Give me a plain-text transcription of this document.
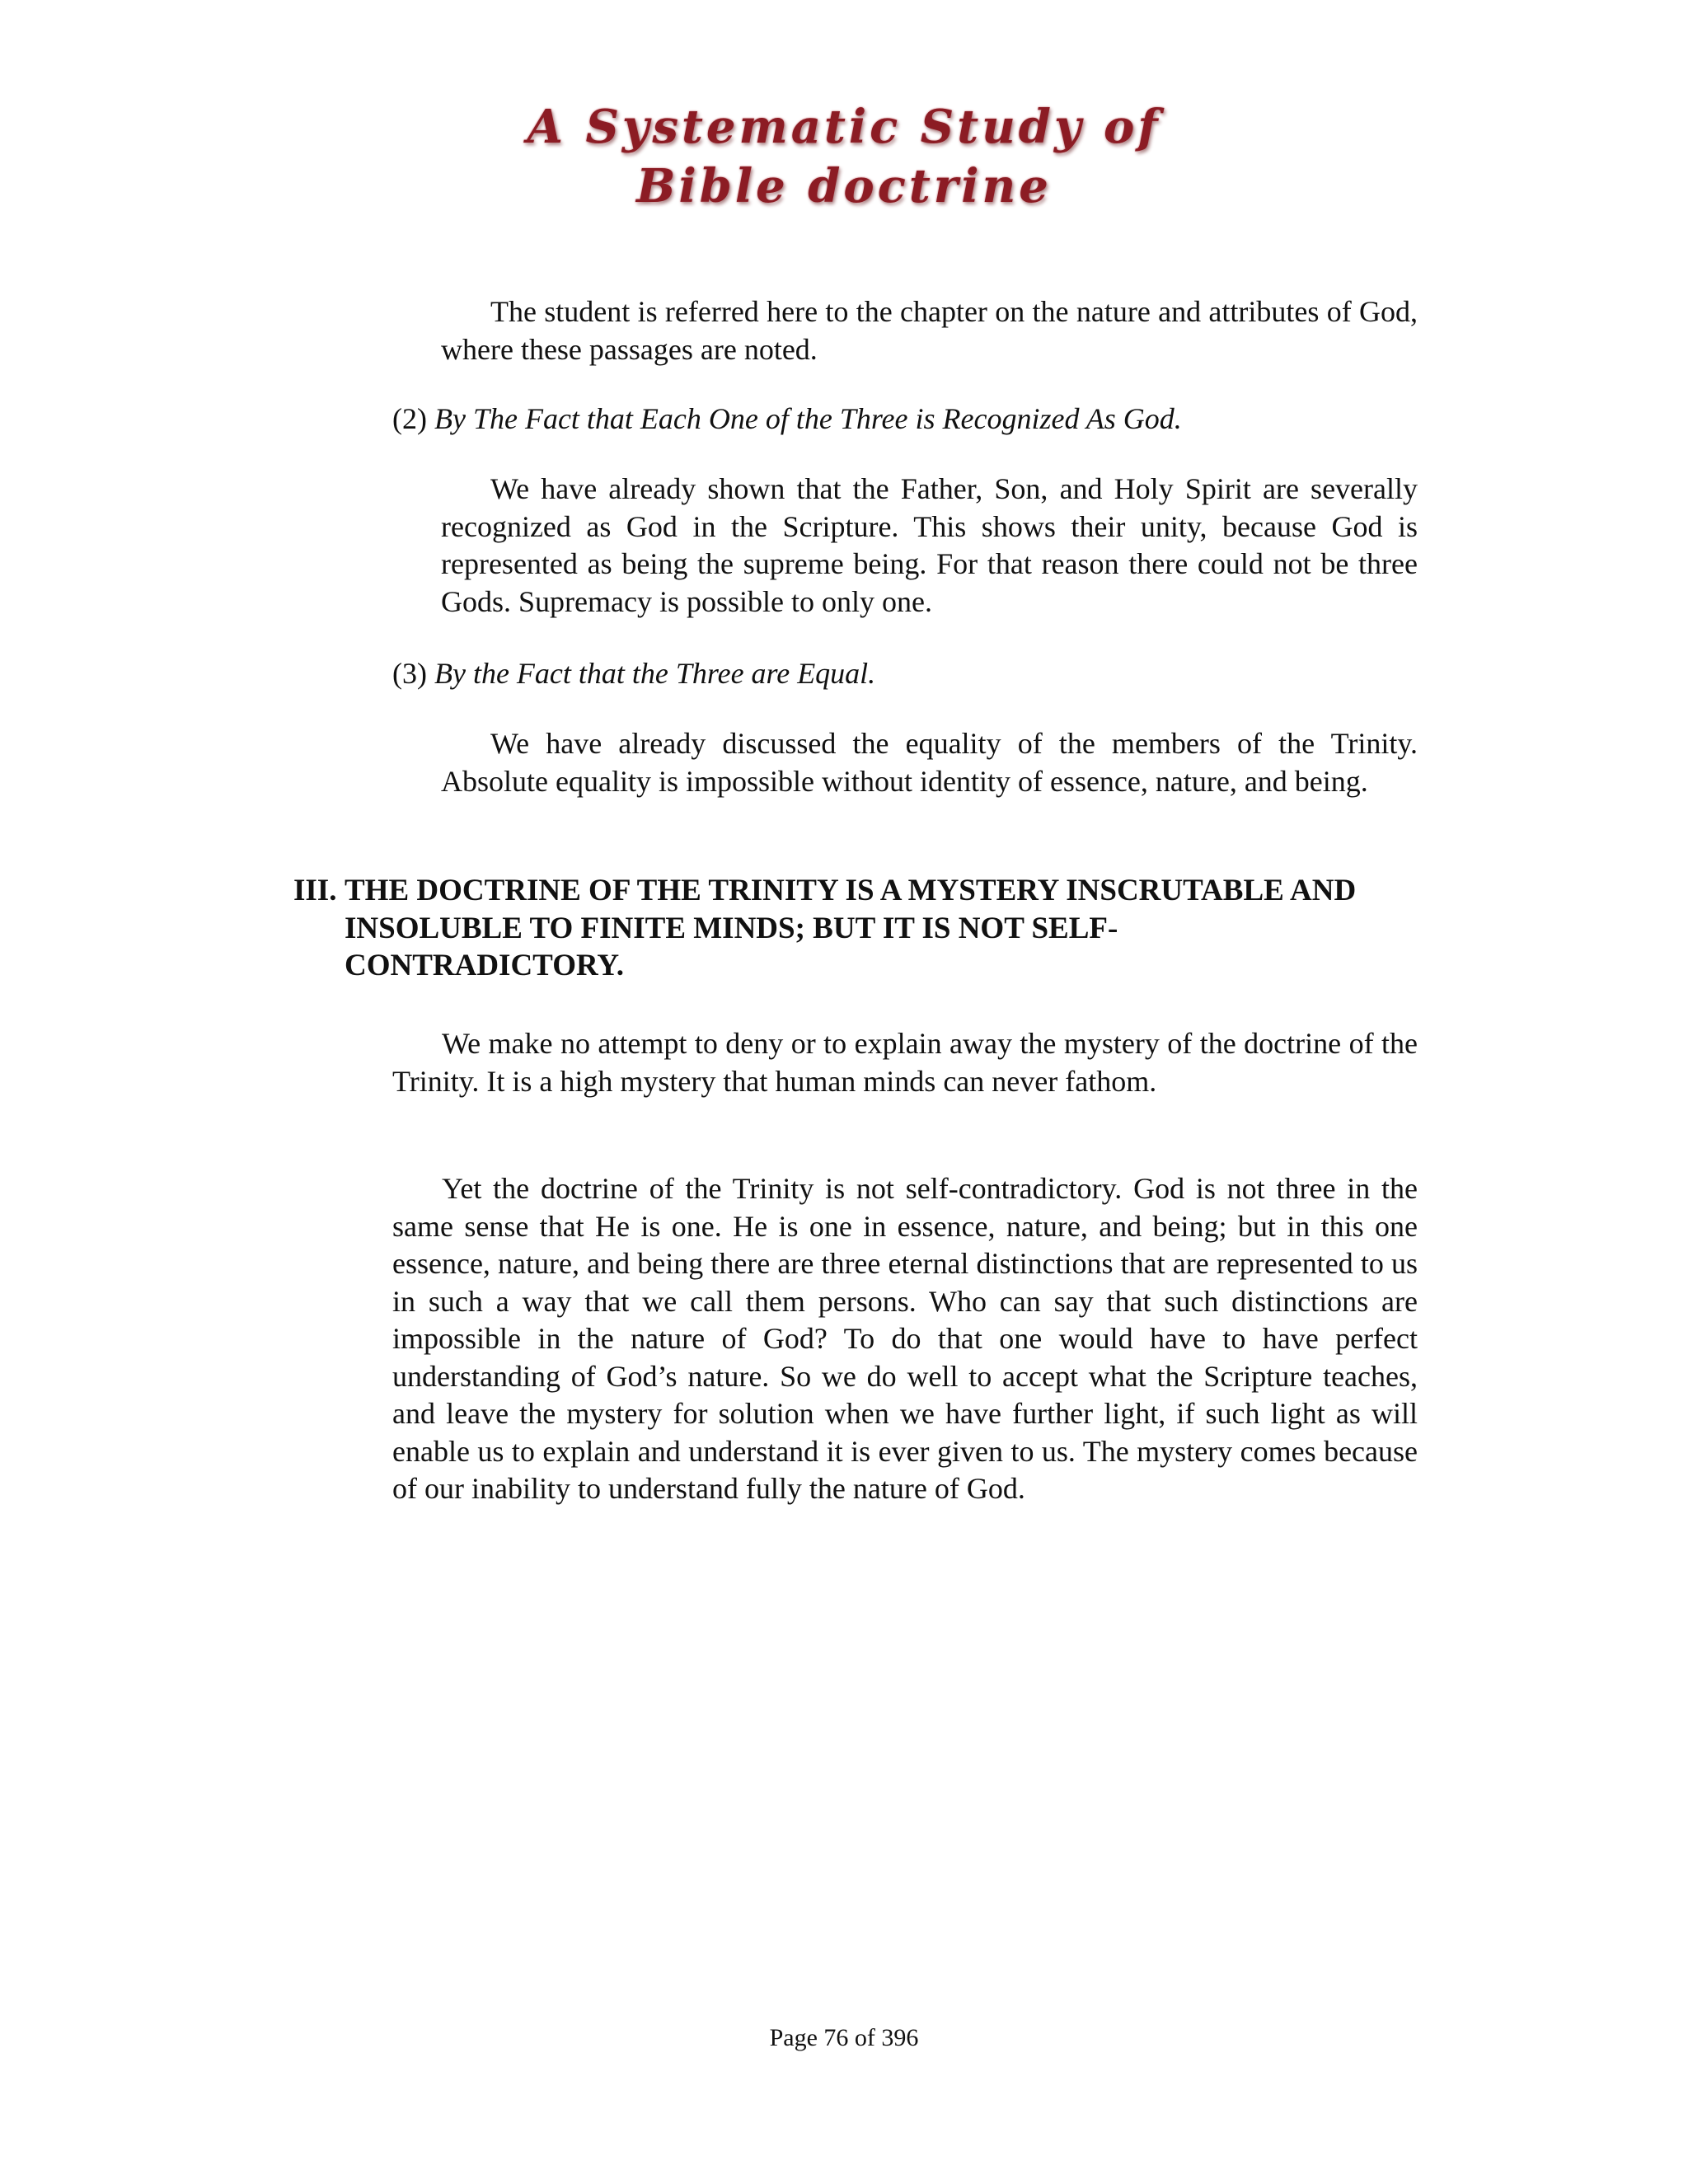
A Systematic Study of
Bible doctrine

The student is referred here to the chapter on the nature and attributes of God, where these passages are noted.

(2) By The Fact that Each One of the Three is Recognized As God.

We have already shown that the Father, Son, and Holy Spirit are severally recognized as God in the Scripture. This shows their unity, because God is represented as being the supreme being. For that reason there could not be three Gods. Supremacy is possible to only one.

(3) By the Fact that the Three are Equal.

We have already discussed the equality of the members of the Trinity. Absolute equality is impossible without identity of essence, nature, and being.

III. THE DOCTRINE OF THE TRINITY IS A MYSTERY INSCRUTABLE AND INSOLUBLE TO FINITE MINDS; BUT IT IS NOT SELF-CONTRADICTORY.

We make no attempt to deny or to explain away the mystery of the doctrine of the Trinity. It is a high mystery that human minds can never fathom.

Yet the doctrine of the Trinity is not self-contradictory. God is not three in the same sense that He is one. He is one in essence, nature, and being; but in this one essence, nature, and being there are three eternal distinctions that are represented to us in such a way that we call them persons. Who can say that such distinctions are impossible in the nature of God? To do that one would have to have perfect understanding of God’s nature. So we do well to accept what the Scripture teaches, and leave the mystery for solution when we have further light, if such light as will enable us to explain and understand it is ever given to us. The mystery comes because of our inability to understand fully the nature of God.

Page 76 of 396
